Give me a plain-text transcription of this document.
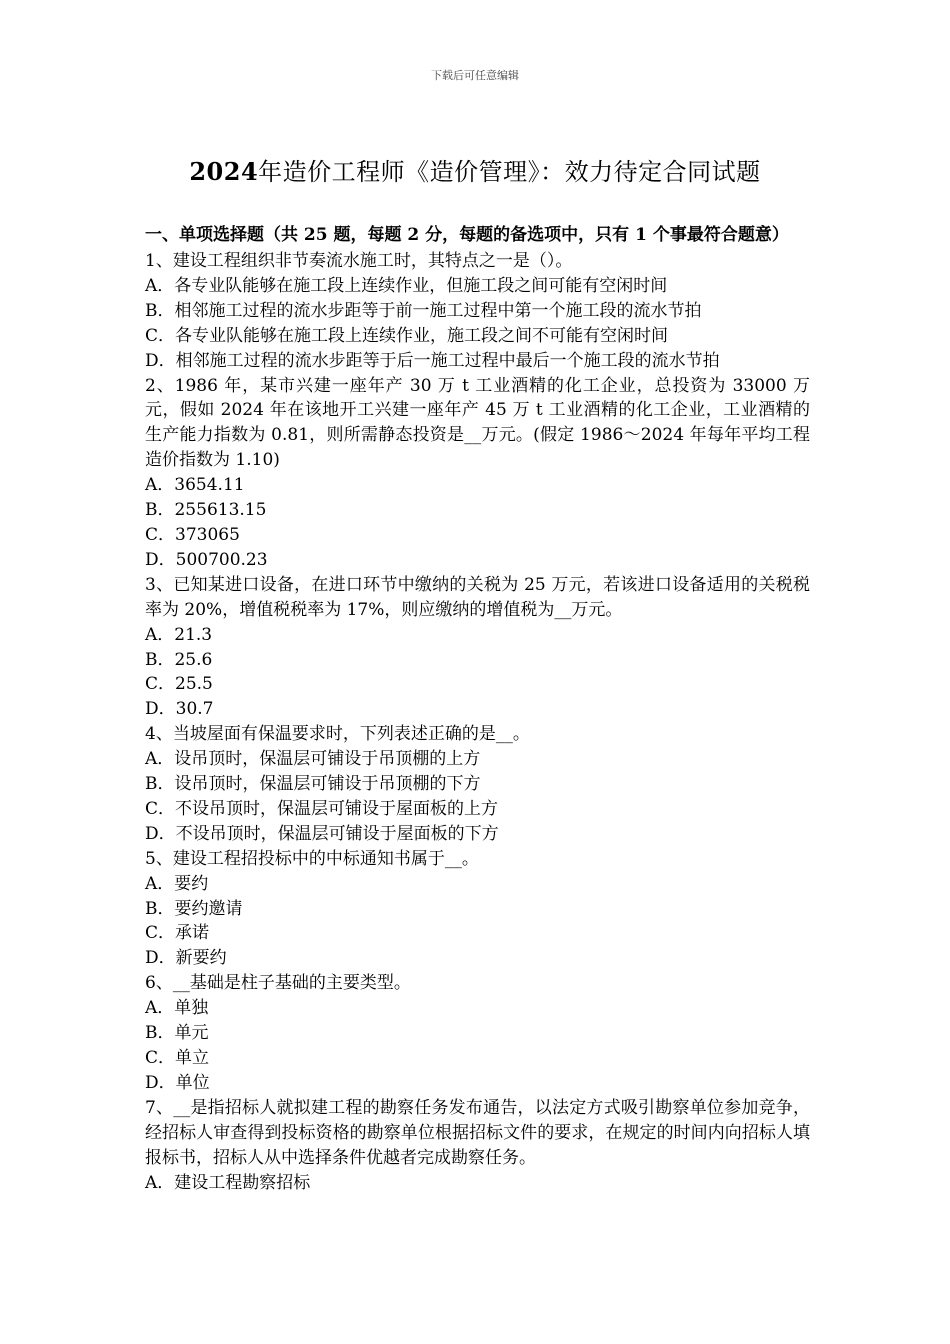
下载后可任意编辑
2024年造价工程师《造价管理》：效力待定合同试题
一、单项选择题（共 25 题，每题 2 分，每题的备选项中，只有 1 个事最符合题意）
1、建设工程组织非节奏流水施工时，其特点之一是（）。
A．各专业队能够在施工段上连续作业，但施工段之间可能有空闲时间
B．相邻施工过程的流水步距等于前一施工过程中第一个施工段的流水节拍
C．各专业队能够在施工段上连续作业，施工段之间不可能有空闲时间
D．相邻施工过程的流水步距等于后一施工过程中最后一个施工段的流水节拍
2、1986 年，某市兴建一座年产 30 万 t 工业酒精的化工企业，总投资为 33000 万元，假如 2024 年在该地开工兴建一座年产 45 万 t 工业酒精的化工企业，工业酒精的生产能力指数为 0.81，则所需静态投资是__万元。(假定 1986～2024 年每年平均工程造价指数为 1.10)
A．3654.11
B．255613.15
C．373065
D．500700.23
3、已知某进口设备，在进口环节中缴纳的关税为 25 万元，若该进口设备适用的关税税率为 20%，增值税税率为 17%，则应缴纳的增值税为__万元。
A．21.3
B．25.6
C．25.5
D．30.7
4、当坡屋面有保温要求时，下列表述正确的是__。
A．设吊顶时，保温层可铺设于吊顶棚的上方
B．设吊顶时，保温层可铺设于吊顶棚的下方
C．不设吊顶时，保温层可铺设于屋面板的上方
D．不设吊顶时，保温层可铺设于屋面板的下方
5、建设工程招投标中的中标通知书属于__。
A．要约
B．要约邀请
C．承诺
D．新要约
6、__基础是柱子基础的主要类型。
A．单独
B．单元
C．单立
D．单位
7、__是指招标人就拟建工程的勘察任务发布通告，以法定方式吸引勘察单位参加竞争，经招标人审查得到投标资格的勘察单位根据招标文件的要求，在规定的时间内向招标人填报标书，招标人从中选择条件优越者完成勘察任务。
A．建设工程勘察招标
